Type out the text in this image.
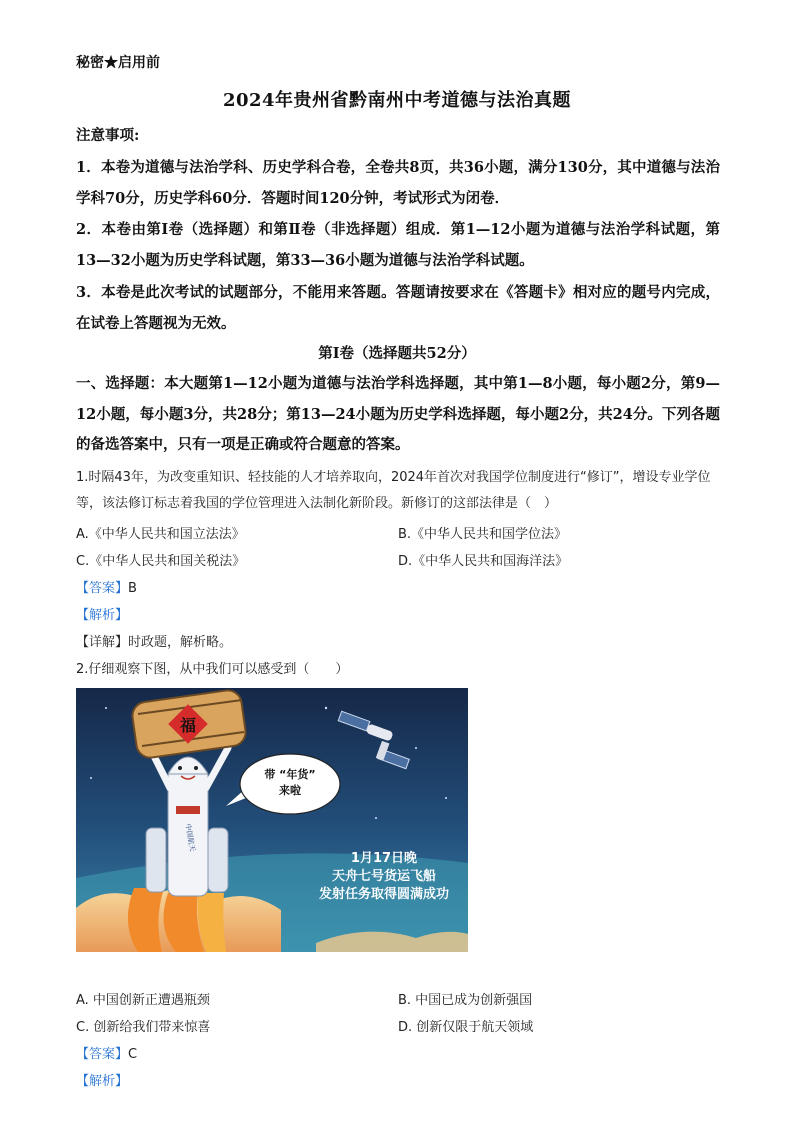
秘密★启用前
2024年贵州省黔南州中考道德与法治真题
注意事项:
1．本卷为道德与法治学科、历史学科合卷，全卷共8页，共36小题，满分130分，其中道德与法治学科70分，历史学科60分．答题时间120分钟，考试形式为闭卷．
2．本卷由第Ⅰ卷（选择题）和第Ⅱ卷（非选择题）组成．第1—12小题为道德与法治学科试题，第13—32小题为历史学科试题，第33—36小题为道德与法治学科试题。
3．本卷是此次考试的试题部分，不能用来答题。答题请按要求在《答题卡》相对应的题号内完成，在试卷上答题视为无效。
第Ⅰ卷（选择题共52分）
一、选择题：本大题第1—12小题为道德与法治学科选择题，其中第1—8小题，每小题2分，第9—12小题，每小题3分，共28分；第13—24小题为历史学科选择题，每小题2分，共24分。下列各题的备选答案中，只有一项是正确或符合题意的答案。
1.时隔43年，为改变重知识、轻技能的人才培养取向，2024年首次对我国学位制度进行“修订”，增设专业学位等，该法修订标志着我国的学位管理进入法制化新阶段。新修订的这部法律是（　）
A.《中华人民共和国立法法》	B.《中华人民共和国学位法》
C.《中华人民共和国关税法》	D.《中华人民共和国海洋法》
【答案】B
【解析】
【详解】时政题，解析略。
2.仔细观察下图，从中我们可以感受到（　　）
中国航天
福
带 “年货”
来啦
1月17日晚
天舟七号货运飞船
发射任务取得圆满成功
A. 中国创新正遭遇瓶颈	B. 中国已成为创新强国
C. 创新给我们带来惊喜	D. 创新仅限于航天领域
【答案】C
【解析】
